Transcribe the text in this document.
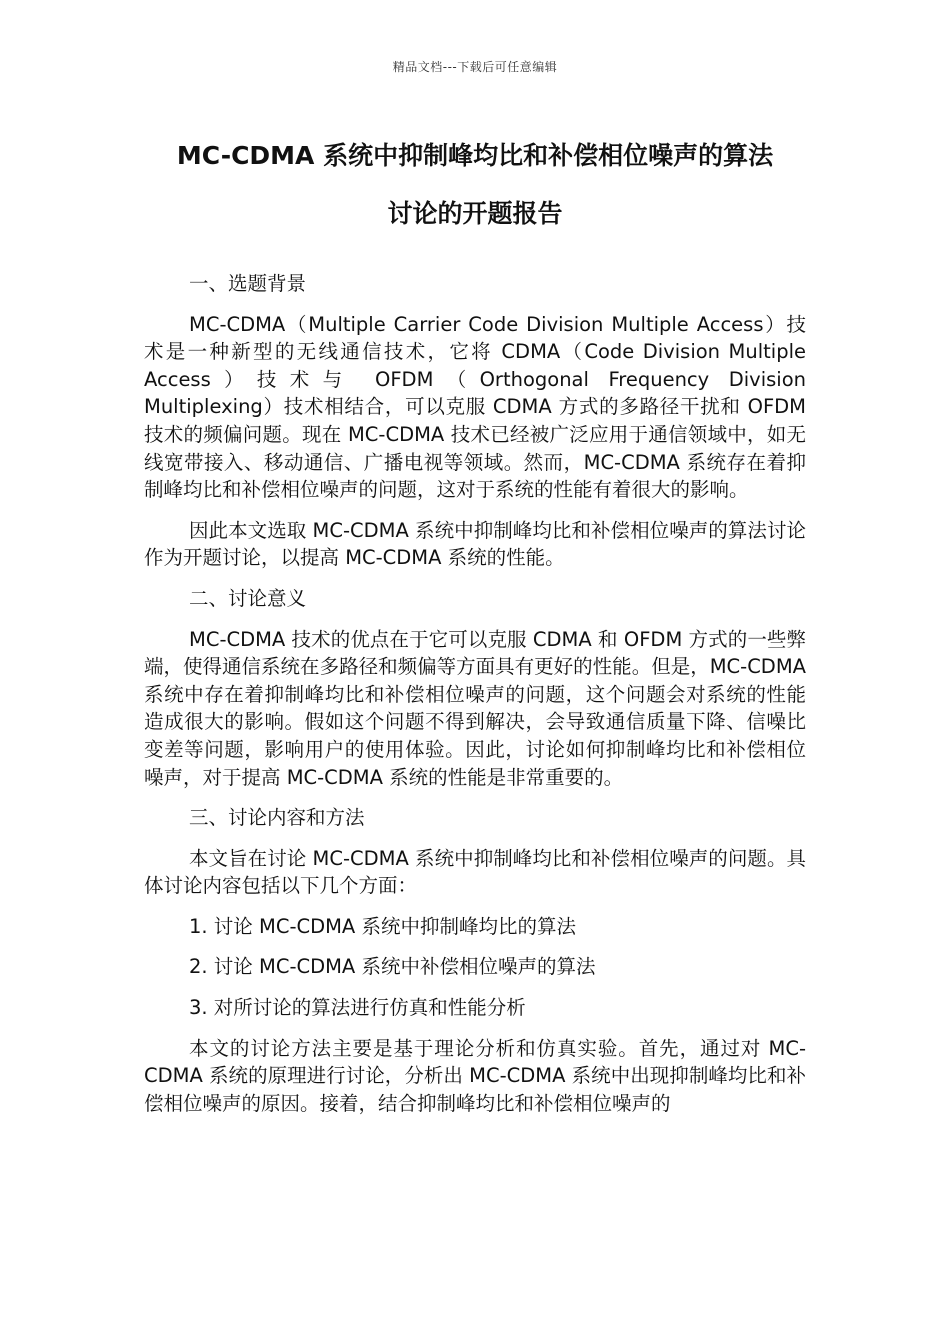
精品文档---下载后可任意编辑
MC-CDMA 系统中抑制峰均比和补偿相位噪声的算法
讨论的开题报告

一、选题背景

MC-CDMA（Multiple Carrier Code Division Multiple Access）技术是一种新型的无线通信技术，它将 CDMA（Code Division Multiple Access）技术与 OFDM（Orthogonal Frequency Division Multiplexing）技术相结合，可以克服 CDMA 方式的多路径干扰和 OFDM 技术的频偏问题。现在 MC-CDMA 技术已经被广泛应用于通信领域中，如无线宽带接入、移动通信、广播电视等领域。然而，MC-CDMA 系统存在着抑制峰均比和补偿相位噪声的问题，这对于系统的性能有着很大的影响。

因此本文选取 MC-CDMA 系统中抑制峰均比和补偿相位噪声的算法讨论作为开题讨论，以提高 MC-CDMA 系统的性能。

二、讨论意义

MC-CDMA 技术的优点在于它可以克服 CDMA 和 OFDM 方式的一些弊端，使得通信系统在多路径和频偏等方面具有更好的性能。但是，MC-CDMA 系统中存在着抑制峰均比和补偿相位噪声的问题，这个问题会对系统的性能造成很大的影响。假如这个问题不得到解决，会导致通信质量下降、信噪比变差等问题，影响用户的使用体验。因此，讨论如何抑制峰均比和补偿相位噪声，对于提高 MC-CDMA 系统的性能是非常重要的。

三、讨论内容和方法

本文旨在讨论 MC-CDMA 系统中抑制峰均比和补偿相位噪声的问题。具体讨论内容包括以下几个方面：

1. 讨论 MC-CDMA 系统中抑制峰均比的算法

2. 讨论 MC-CDMA 系统中补偿相位噪声的算法

3. 对所讨论的算法进行仿真和性能分析

本文的讨论方法主要是基于理论分析和仿真实验。首先，通过对 MC-CDMA 系统的原理进行讨论，分析出 MC-CDMA 系统中出现抑制峰均比和补偿相位噪声的原因。接着，结合抑制峰均比和补偿相位噪声的
